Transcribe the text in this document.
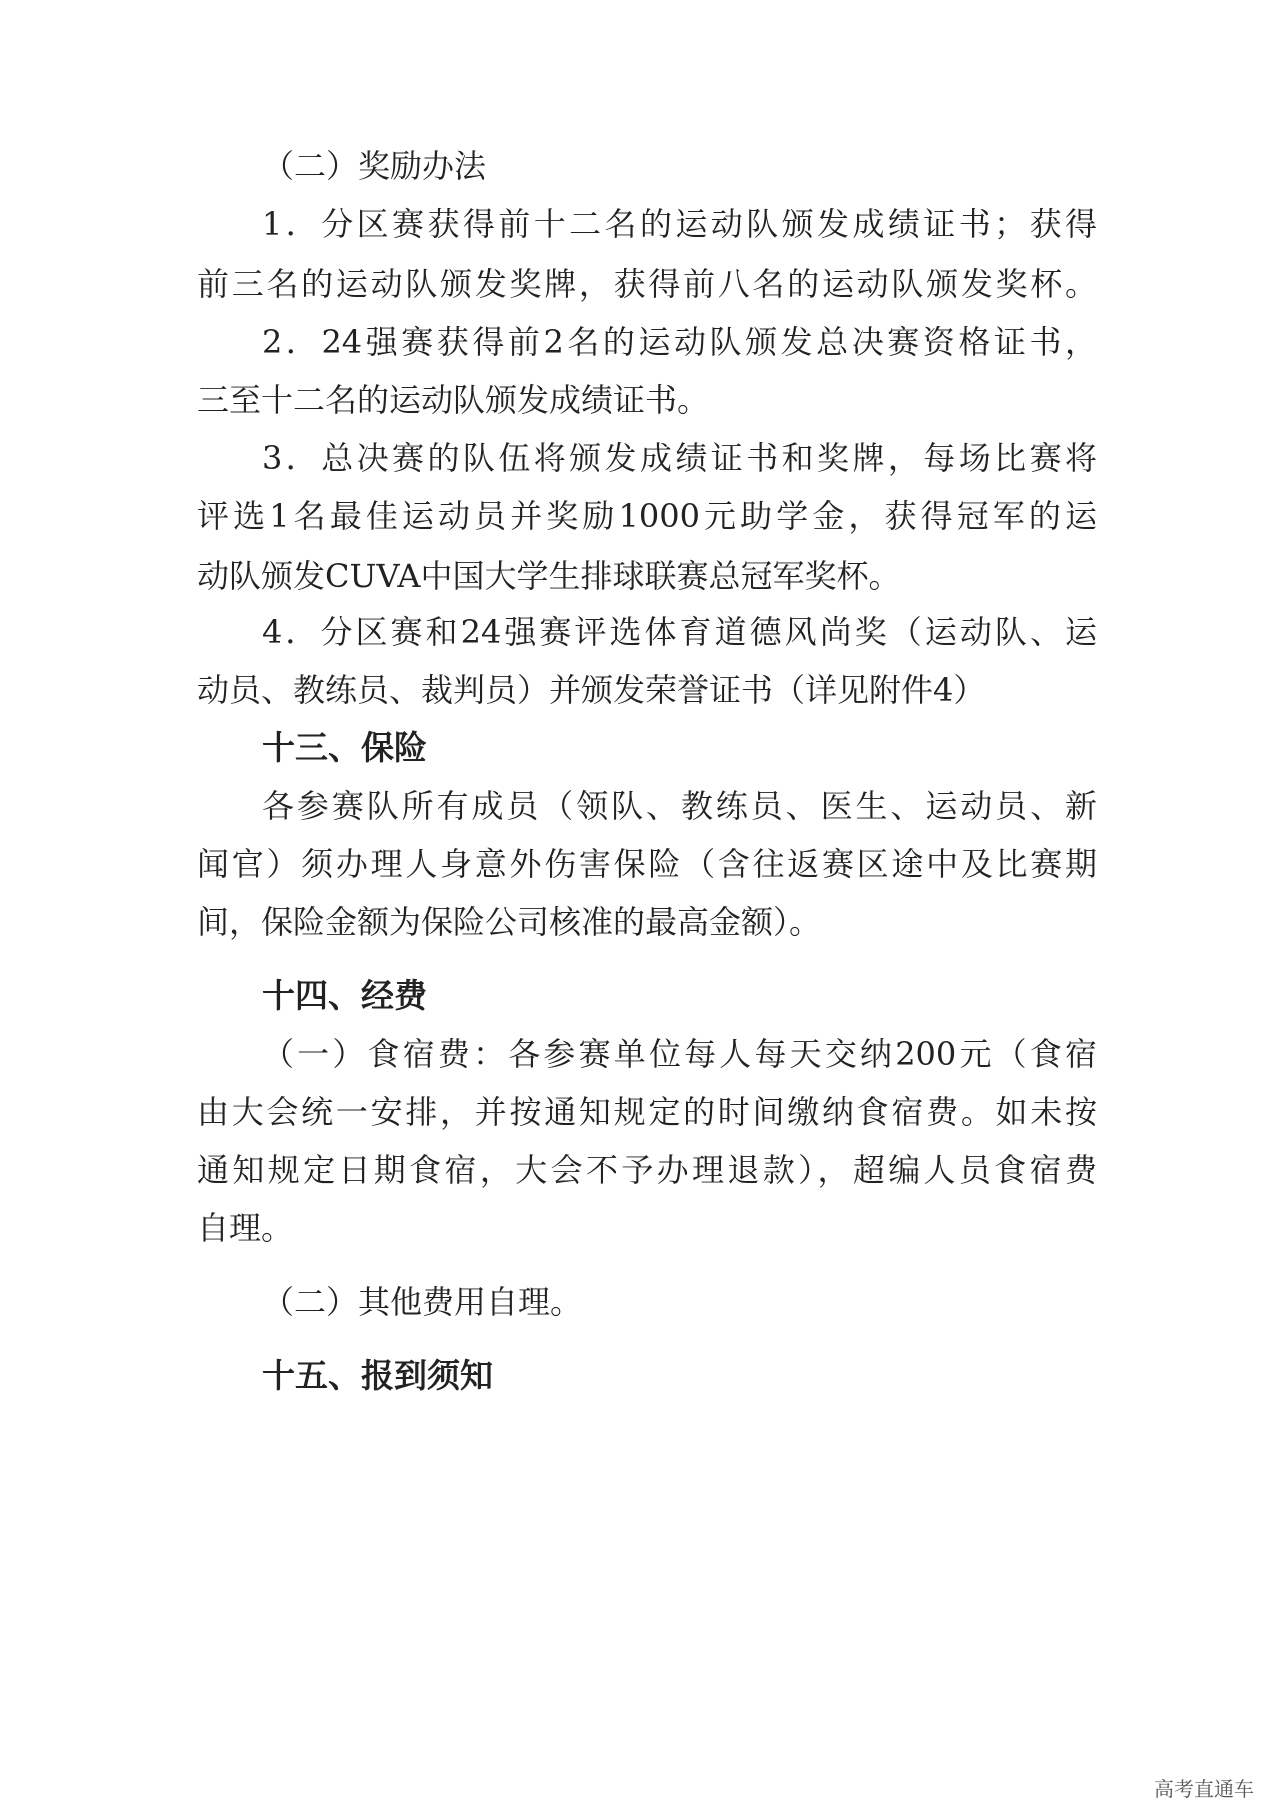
（二）奖励办法
1．分区赛获得前十二名的运动队颁发成绩证书；获得
前三名的运动队颁发奖牌，获得前八名的运动队颁发奖杯。
2．24强赛获得前2名的运动队颁发总决赛资格证书，
三至十二名的运动队颁发成绩证书。
3．总决赛的队伍将颁发成绩证书和奖牌，每场比赛将
评选1名最佳运动员并奖励1000元助学金，获得冠军的运
动队颁发CUVA中国大学生排球联赛总冠军奖杯。
4．分区赛和24强赛评选体育道德风尚奖（运动队、运
动员、教练员、裁判员）并颁发荣誉证书（详见附件4）
十三、保险
各参赛队所有成员（领队、教练员、医生、运动员、新
闻官）须办理人身意外伤害保险（含往返赛区途中及比赛期
间，保险金额为保险公司核准的最高金额）。
十四、经费
（一）食宿费：各参赛单位每人每天交纳200元（食宿
由大会统一安排，并按通知规定的时间缴纳食宿费。如未按
通知规定日期食宿，大会不予办理退款），超编人员食宿费
自理。
（二）其他费用自理。
十五、报到须知
高考直通车
